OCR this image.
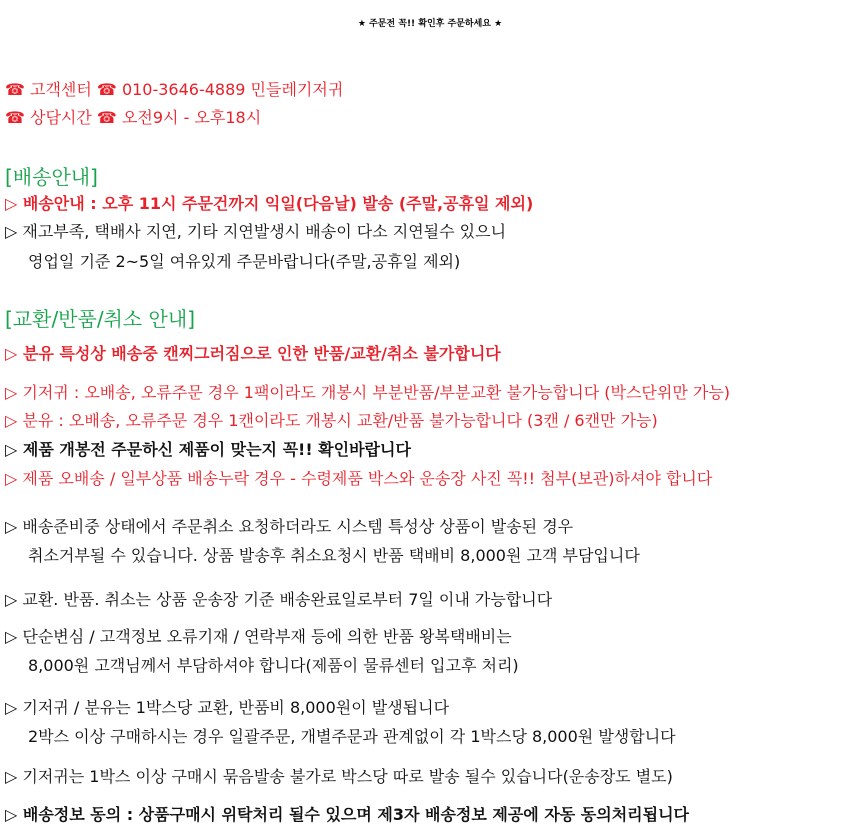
★ 주문전 꼭!! 확인후 주문하세요 ★
☎ 고객센터 ☎ 010-3646-4889 민들레기저귀
☎ 상담시간 ☎ 오전9시 - 오후18시
[배송안내]
▷ 배송안내 : 오후 11시 주문건까지 익일(다음날) 발송 (주말,공휴일 제외)
▷ 재고부족, 택배사 지연, 기타 지연발생시 배송이 다소 지연될수 있으니
영업일 기준 2~5일 여유있게 주문바랍니다(주말,공휴일 제외)
[교환/반품/취소 안내]
▷ 분유 특성상 배송중 캔찌그러짐으로 인한 반품/교환/취소 불가합니다
▷ 기저귀 : 오배송, 오류주문 경우 1팩이라도 개봉시 부분반품/부분교환 불가능합니다 (박스단위만 가능)
▷ 분유 : 오배송, 오류주문 경우 1캔이라도 개봉시 교환/반품 불가능합니다 (3캔 / 6캔만 가능)
▷ 제품 개봉전 주문하신 제품이 맞는지 꼭!! 확인바랍니다
▷ 제품 오배송 / 일부상품 배송누락 경우 - 수령제품 박스와 운송장 사진 꼭!! 첨부(보관)하셔야 합니다
▷ 배송준비중 상태에서 주문취소 요청하더라도 시스템 특성상 상품이 발송된 경우
취소거부될 수 있습니다. 상품 발송후 취소요청시 반품 택배비 8,000원 고객 부담입니다
▷ 교환. 반품. 취소는 상품 운송장 기준 배송완료일로부터 7일 이내 가능합니다
▷ 단순변심 / 고객정보 오류기재 / 연락부재 등에 의한 반품 왕복택배비는
8,000원 고객님께서 부담하셔야 합니다(제품이 물류센터 입고후 처리)
▷ 기저귀 / 분유는 1박스당 교환, 반품비 8,000원이 발생됩니다
2박스 이상 구매하시는 경우 일괄주문, 개별주문과 관계없이 각 1박스당 8,000원 발생합니다
▷ 기저귀는 1박스 이상 구매시 묶음발송 불가로 박스당 따로 발송 될수 있습니다(운송장도 별도)
▷ 배송정보 동의 : 상품구매시 위탁처리 될수 있으며 제3자 배송정보 제공에 자동 동의처리됩니다
